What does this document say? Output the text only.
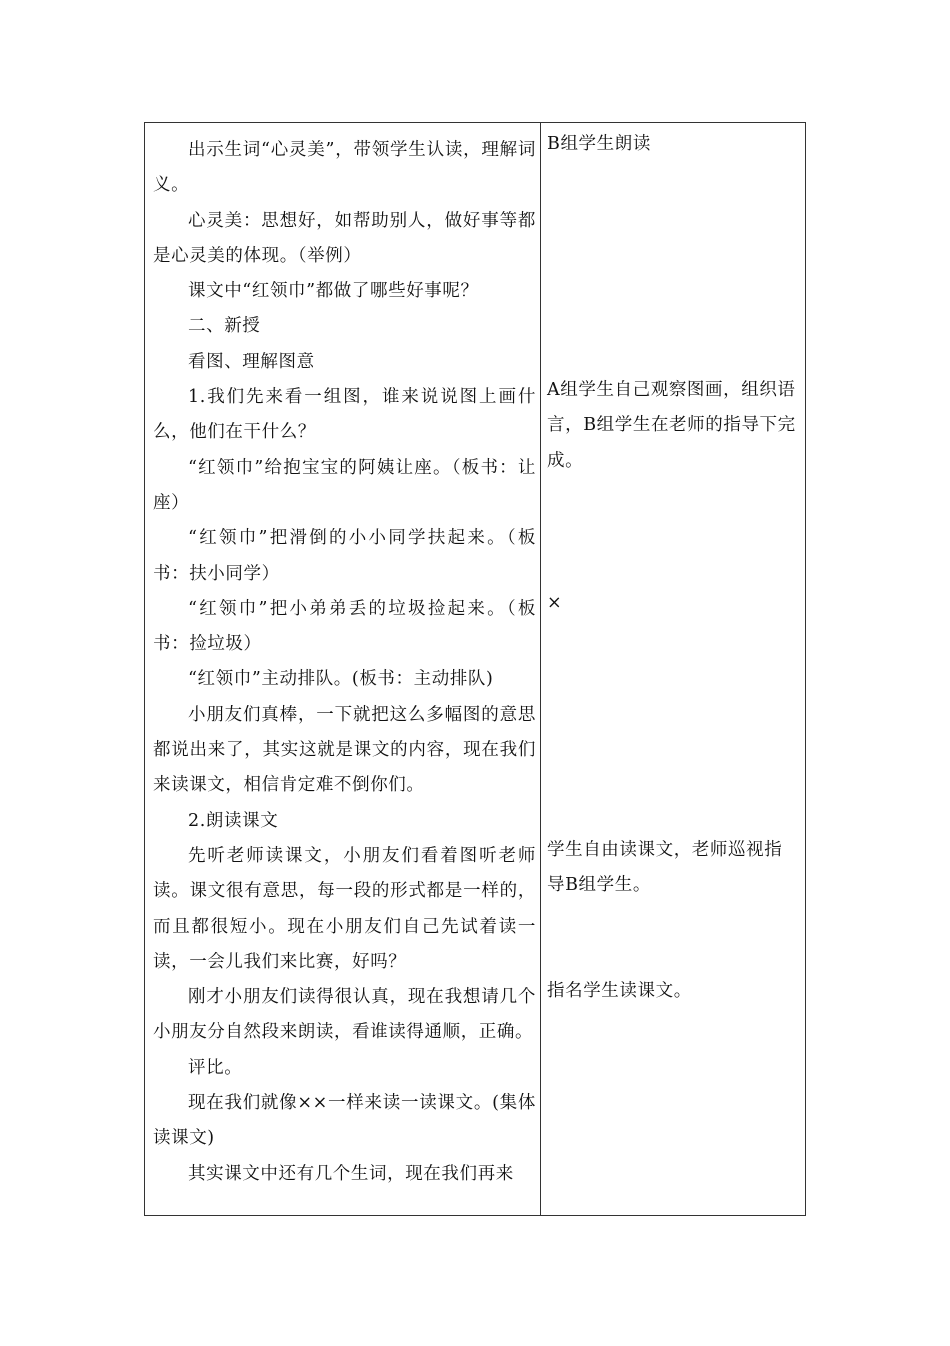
出示生词“心灵美”，带领学生认读，理解词义。

心灵美：思想好，如帮助别人，做好事等都是心灵美的体现。（举例）

课文中“红领巾”都做了哪些好事呢？

二、新授

看图、理解图意

1.我们先来看一组图，谁来说说图上画什么，他们在干什么？

“红领巾”给抱宝宝的阿姨让座。（板书：让座）

“红领巾”把滑倒的小小同学扶起来。（板书：扶小同学）

“红领巾”把小弟弟丢的垃圾捡起来。（板书：捡垃圾）

“红领巾”主动排队。(板书：主动排队)

小朋友们真棒，一下就把这么多幅图的意思都说出来了，其实这就是课文的内容，现在我们来读课文，相信肯定难不倒你们。

2.朗读课文

先听老师读课文，小朋友们看着图听老师读。课文很有意思，每一段的形式都是一样的，而且都很短小。现在小朋友们自己先试着读一读，一会儿我们来比赛，好吗？

刚才小朋友们读得很认真，现在我想请几个小朋友分自然段来朗读，看谁读得通顺，正确。

评比。

现在我们就像××一样来读一读课文。(集体读课文)

其实课文中还有几个生词，现在我们再来

B组学生朗读

A组学生自己观察图画，组织语言，B组学生在老师的指导下完成。

×

学生自由读课文，老师巡视指导B组学生。

指名学生读课文。
